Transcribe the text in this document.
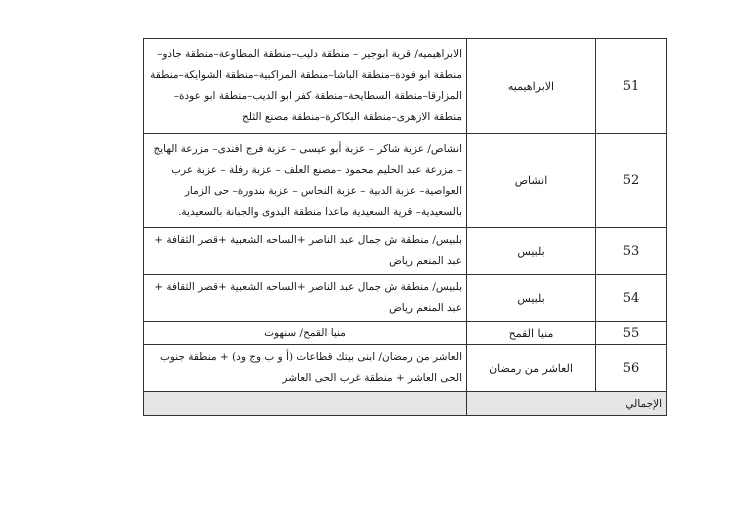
51	الابراهيميه	الابراهيميه/ قرية ابوجير – منطقة دليب–منطقة المطاوعة–منطقة جادو–منطقة ابو فودة–منطقة الباشا–منطقة المراكبية–منطقة الشوايكة–منطقة المزارقا–منطقة السطايحة–منطقة كفر ابو الديب–منطقة ابو عودة–منطقة الازهرى–منطقة البكاكرة–منطقة مصنع الثلج
52	انشاص	انشاص/ عزبة شاكر – عزبة أبو عيسى – عزبة فرج افندى– مزرعة الهايج – مزرعة عبد الحليم محمود –مصنع العلف – عزبة رفلة – عزبة عرب العواصية– عزبة الدبية – عزبة النحاس – عزبة بندورة– حى الزمار بالسعيدية– قرية السعيدية ماعدا منطقة البدوى والجبانة بالسعيدية.
53	بلبيس	بلبيس/ منطقة ش جمال عبد الناصر +الساحه الشعبية +قصر الثقافة + عبد المنعم رياض
54	بلبيس	بلبيس/ منطقة ش جمال عبد الناصر +الساحه الشعبية +قصر الثقافة + عبد المنعم رياض
55	منيا القمح	منيا القمح/ سنهوت
56	العاشر من رمضان	العاشر من رمضان/ ابنى بيتك قطاعات (أ و ب وج ود) + منطقة جنوب الحى العاشر + منطقة غرب الحى العاشر
الإجمالي		
